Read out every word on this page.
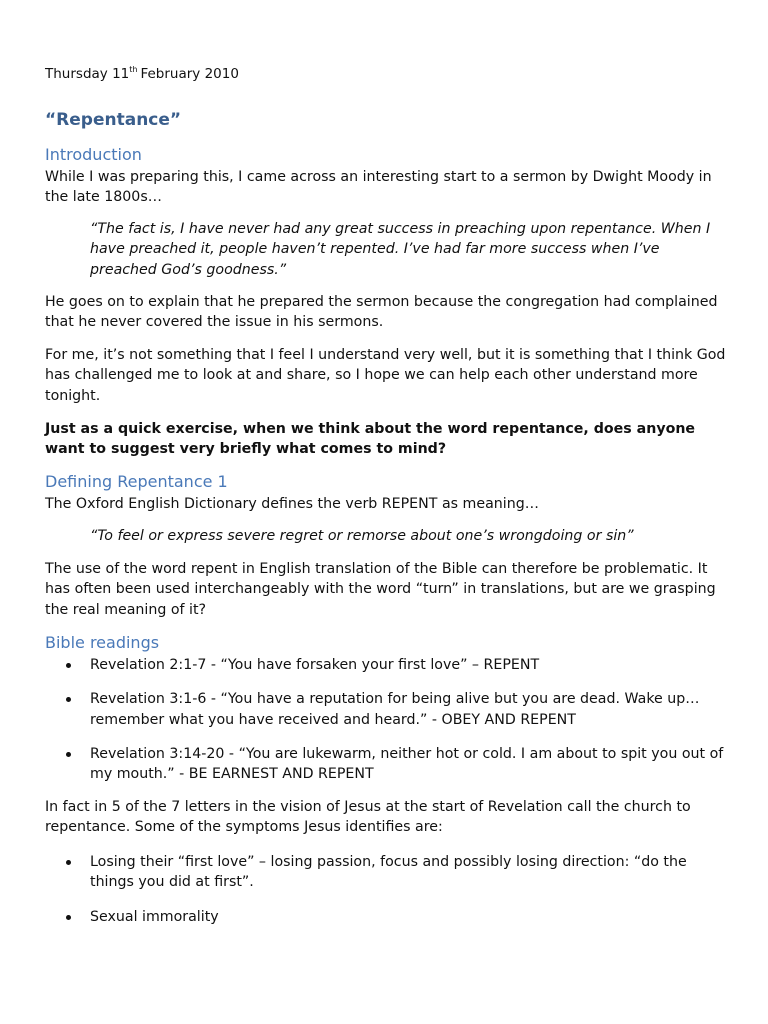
Thursday 11th February 2010

“Repentance”

Introduction

While I was preparing this, I came across an interesting start to a sermon by Dwight Moody in the late 1800s…

“The fact is, I have never had any great success in preaching upon repentance. When I have preached it, people haven’t repented. I’ve had far more success when I’ve preached God’s goodness.”

He goes on to explain that he prepared the sermon because the congregation had complained that he never covered the issue in his sermons.

For me, it’s not something that I feel I understand very well, but it is something that I think God has challenged me to look at and share, so I hope we can help each other understand more tonight.

Just as a quick exercise, when we think about the word repentance, does anyone want to suggest very briefly what comes to mind?

Defining Repentance 1

The Oxford English Dictionary defines the verb REPENT as meaning…

“To feel or express severe regret or remorse about one’s wrongdoing or sin”

The use of the word repent in English translation of the Bible can therefore be problematic. It has often been used interchangeably with the word “turn” in translations, but are we grasping the real meaning of it?

Bible readings

Revelation 2:1-7 - “You have forsaken your first love” – REPENT
Revelation 3:1-6 - “You have a reputation for being alive but you are dead. Wake up…remember what you have received and heard.” - OBEY AND REPENT
Revelation 3:14-20 - “You are lukewarm, neither hot or cold. I am about to spit you out of my mouth.” - BE EARNEST AND REPENT

In fact in 5 of the 7 letters in the vision of Jesus at the start of Revelation call the church to repentance. Some of the symptoms Jesus identifies are:

Losing their “first love” – losing passion, focus and possibly losing direction: “do the things you did at first”.
Sexual immorality
